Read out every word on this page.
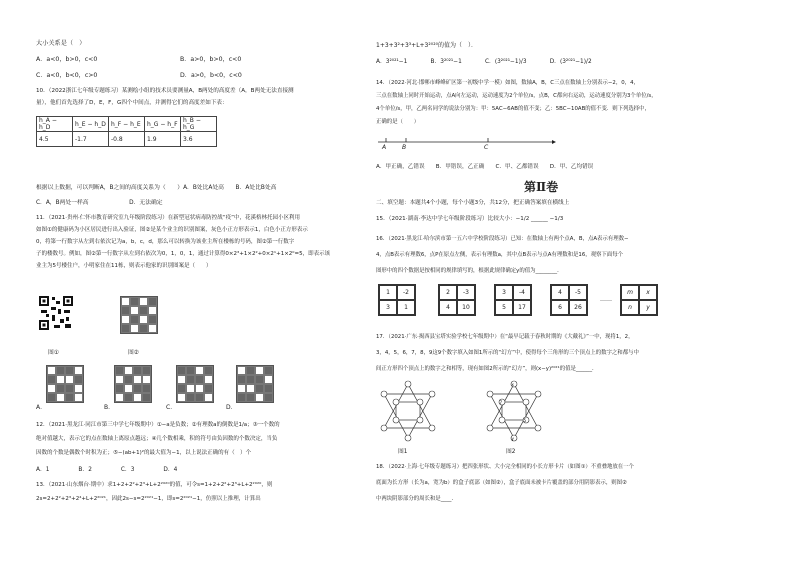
大小关系是（　）
A．a<0，b>0，c<0	B．a>0，b>0，c<0
C．a<0，b<0，c>0	D．a>0，b<0，c<0
10．（2022浙江七年级专题练习）某测绘小组的技术员要测量A，B两处的高度差（A，B两处无法直接测
量），他们首先选择了D，E，F，G四个中间点，并测得它们的高度差如下表：
h_A − h_D	h_E − h_D	h_F − h_E	h_G − h_F	h_B − h_G
4.5	-1.7	-0.8	1.9	3.6
根据以上数据，可以判断A，B之间的高度关系为（　　）A．B处比A处高　　B．A处比B处高
C．A，B两处一样高　　　　　　　D．无法确定
11．（2021·贵州·仁怀市教育研究室九年级阶段练习）在新型冠状病毒防控战“疫”中，花溪格林托园小区利用
如图①的健康码为小区居民进行出入验证，图②是某个业主的识别图案，灰色小正方形表示1，白色小正方形表示
0，将第一行数字从左到右依次记为a，b，c，d，那么可以转换为该业主所在楼栋的号码，图②第一行数字
子的楼数号。例如，图②第一行数字从左到右依次为0，1，0，1，通过计算得0×2³+1×2²+0×2¹+1×2⁰=5，即表示该
业主为5号楼住户，小明家住在11栋，则表示他家的识别图案是（　　）
图①	图②
A．	B．	C．	D．
12．（2021·黑龙江·同江市第三中学七年级期中）①−a是负数；②有理数a的倒数是1/a；③一个数的
绝对值越大，表示它的点在数轴上离原点越远；④几个数相乘，积的符号由负因数的个数决定，当负
因数的个数是偶数个时积为正；⑤−(ab+1)²的最大值为−1，以上说法正确的有（　）个
A．1　　　　　B．2　　　　　C．3　　　　　D．4
13．（2021·山东烟台·期中）求1+2+2²+2³+L+2²⁰²⁰的值，可令s=1+2+2²+2³+L+2²⁰²⁰，则
2s=2+2²+2³+2⁴+L+2²⁰²¹，因此2s−s=2²⁰²¹−1，即s=2²⁰²¹−1，仿照以上推理，计算出
1+3+3²+3³+L+3²⁰²⁰的值为（　）．
A．3²⁰²¹−1　　　　B．3²⁰²¹−1　　　　C．(3²⁰²¹−1)/3　　　　D．(3²⁰²¹−1)/2
14．（2022·河北·邯郸市峰峰矿区第一初级中学一模）如图，数轴A，B，C三点在数轴上分别表示−2，0，4，
三点在数轴上同时开始运动，点A向左运动，运动速度为2个单位/s，点B，C都向右运动，运动速度分别为3个单位/s，
4个单位/s，甲，乙两名同学的说法分别为：甲：5AC−6AB的值不变；乙：5BC−10AB的值不变．则下列选择中，
正确的是（　　）
A	B	C
A．甲正确，乙错误　　B．甲错误，乙正确　　C．甲、乙都错误　　D．甲、乙均错误
第Ⅱ卷
二、填空题：本题共4个小题，每个小题3分，共12分，把正确答案填在横线上
15．（2021·湖南·李达中学七年级阶段练习）比较大小：−1/2 ______ −1/3
16．（2021·黑龙江·哈尔滨市第一五六中学校阶段练习）已知：在数轴上有两个点A，B，点A表示有理数−
4，点B表示有理数6，点P在原点左侧，表示有理数a，其中点B表示与点A有理数和是16，观察下面每个
图形中的四个数据是按相同的规律填写的，根据此规律确定y的值为________．
1	-2
3	1
2	-3
4	10
3	-4
5	17
4	-5
6	26
……
m	x
n	y
17．（2021·广东·揭西县宝塔实验学校七年级期中）在“最早记载于春秋时期的《大戴礼》”一中，现将1，2，
3，4，5，6，7，8，9这9个数字填入如图1所示的“幻方”中，使得每个三角形的三个顶点上的数字之和都与中
间正方形四个顶点上的数字之和相等，现有如图2所示的“幻方”，则(x−y)²⁰²¹的值是______．
x
7
5
y
图1	图2
18．（2022·上海·七年级专题练习）把四张形状、大小完全相同的小长方形卡片（如图①）不重叠地放在一个
底面为长方形（长为a，宽为b）的盒子底部（如图②），盒子底面未被卡片覆盖的部分用阴影表示，则图②
中两块阴影部分的周长和是____．
